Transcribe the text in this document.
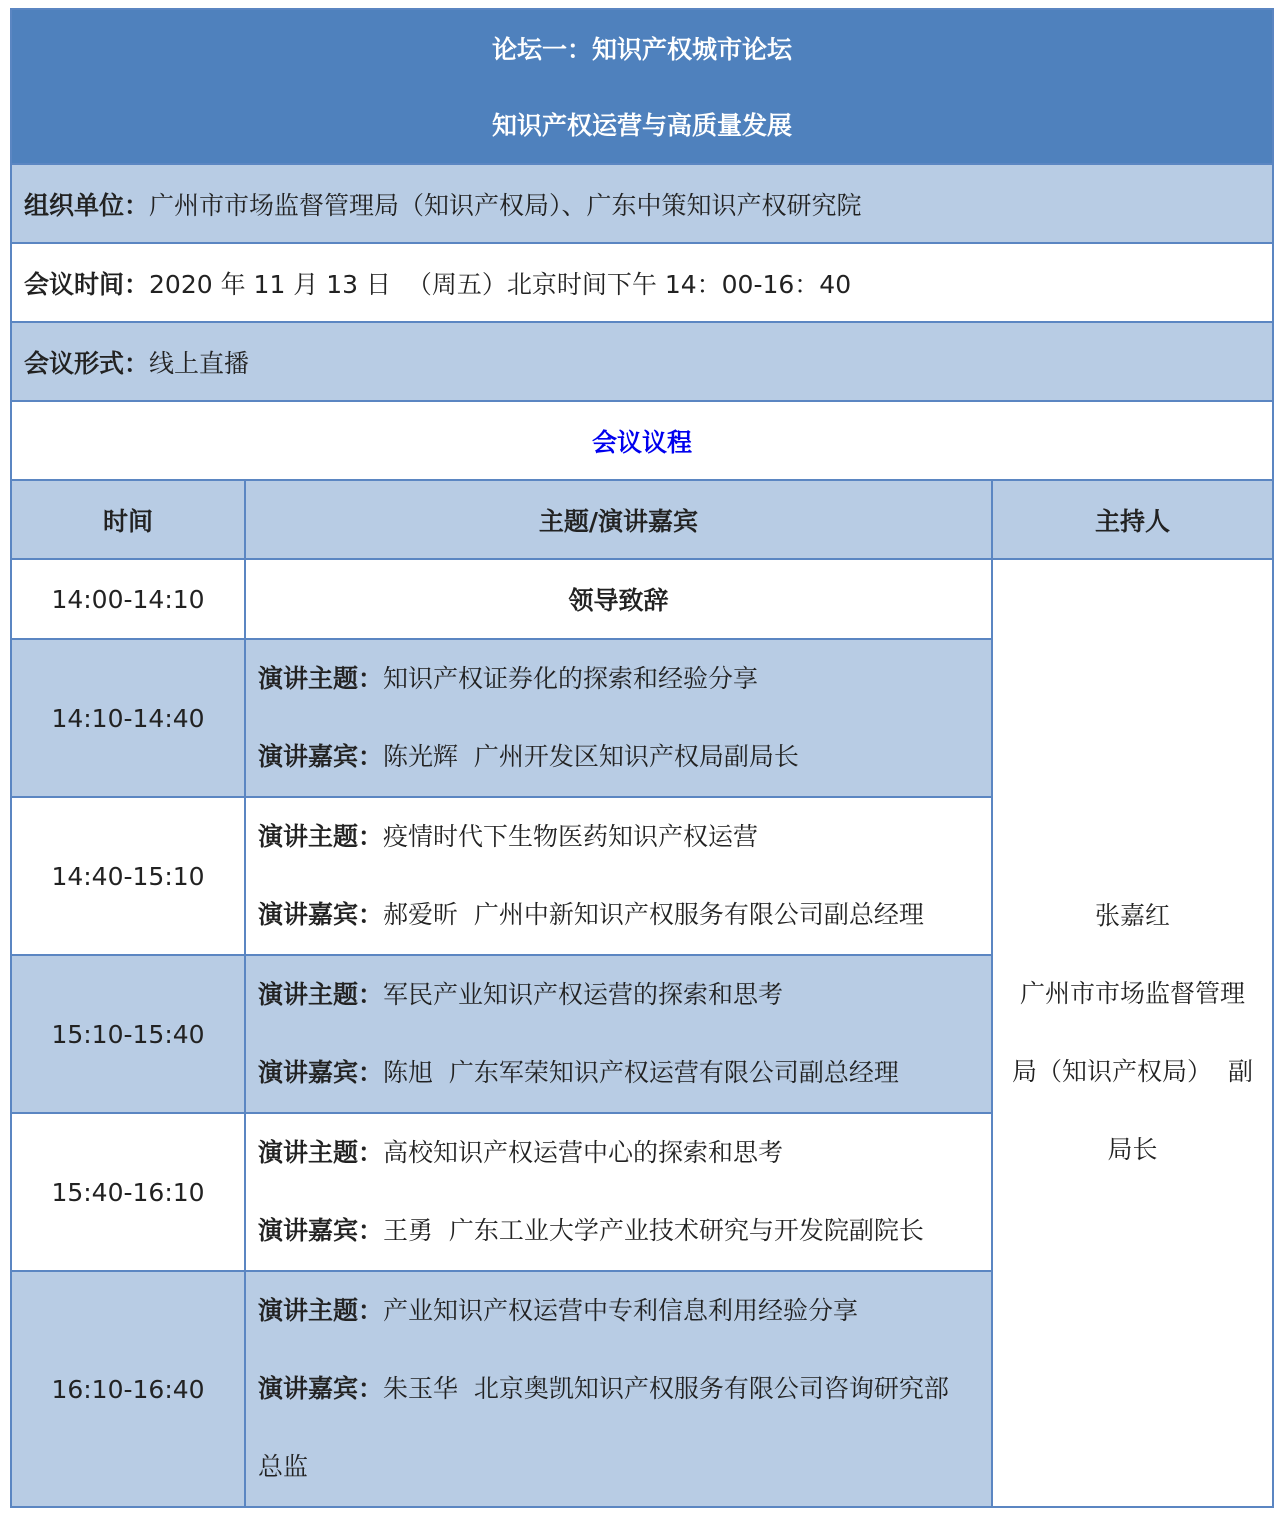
论坛一：知识产权城市论坛
知识产权运营与高质量发展		

组织单位：广州市市场监督管理局（知识产权局）、广东中策知识产权研究院		
会议时间：2020 年 11 月 13 日  （周五）北京时间下午 14：00-16：40		
会议形式：线上直播		
会议议程		
时间	主题/演讲嘉宾	主持人
14:00-14:10	领导致辞	张嘉红
广州市市场监督管理
局（知识产权局）  副
局长

14:10-14:40	演讲主题：知识产权证券化的探索和经验分享
演讲嘉宾：陈光辉  广州开发区知识产权局副局长	

14:40-15:10	演讲主题：疫情时代下生物医药知识产权运营
演讲嘉宾：郝爱昕  广州中新知识产权服务有限公司副总经理	

15:10-15:40	演讲主题：军民产业知识产权运营的探索和思考
演讲嘉宾：陈旭  广东军荣知识产权运营有限公司副总经理	

15:40-16:10	演讲主题：高校知识产权运营中心的探索和思考
演讲嘉宾：王勇  广东工业大学产业技术研究与开发院副院长	

16:10-16:40	演讲主题：产业知识产权运营中专利信息利用经验分享
演讲嘉宾：朱玉华  北京奥凯知识产权服务有限公司咨询研究部
总监	
